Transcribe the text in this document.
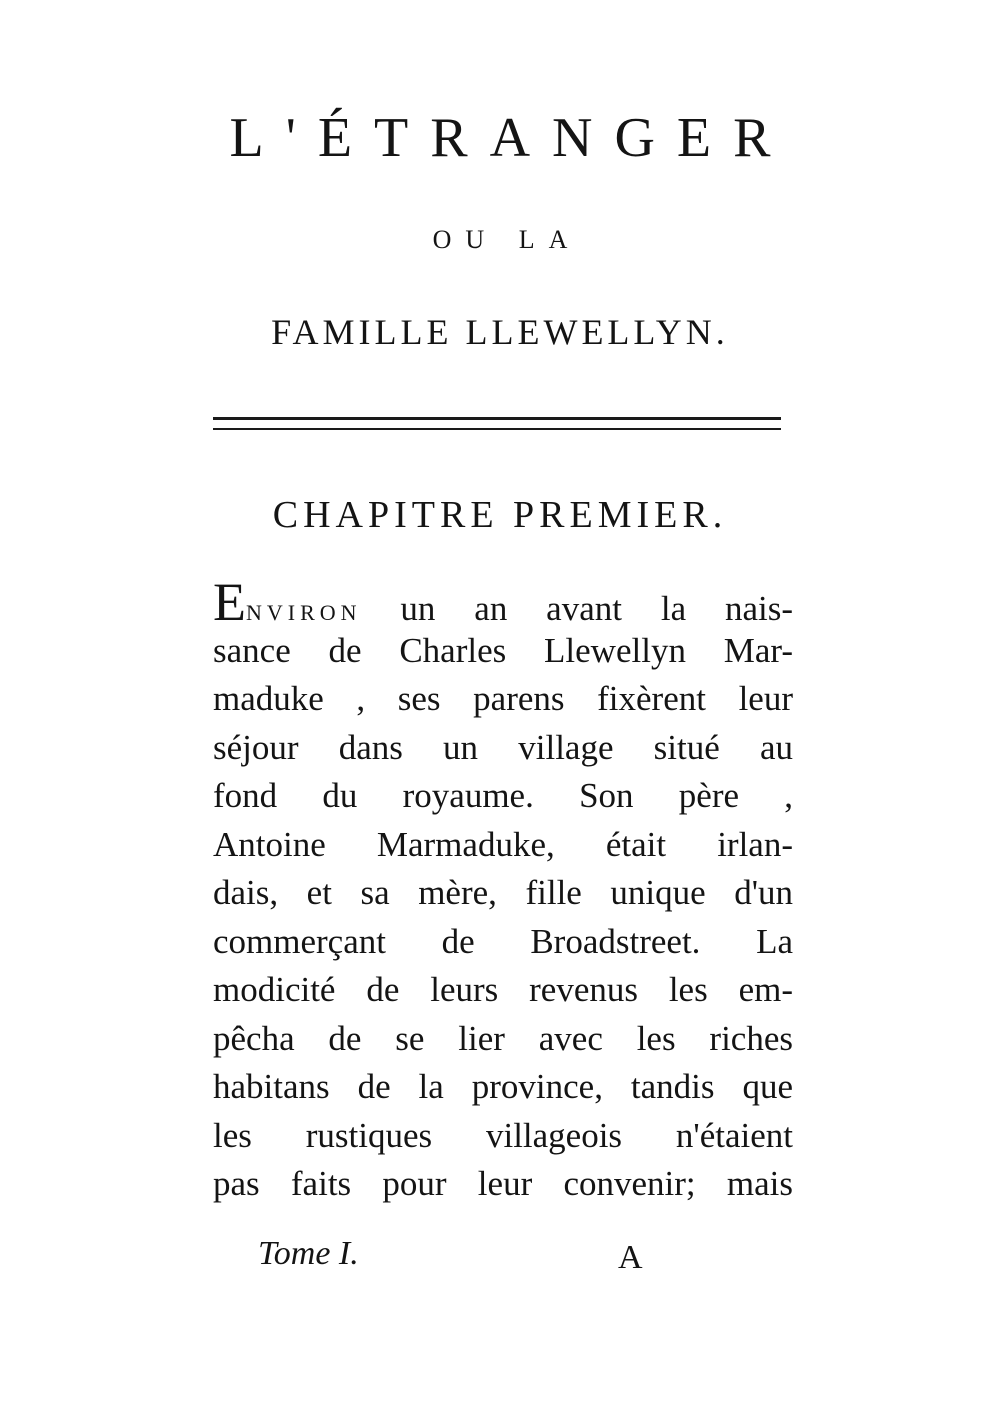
L'ÉTRANGER
OU LA
FAMILLE LLEWELLYN.
CHAPITRE PREMIER.
ENVIRON un an avant la nais-
sance de Charles Llewellyn Mar-
maduke , ses parens fixèrent leur
séjour dans un village situé au
fond du royaume. Son père ,
Antoine Marmaduke, était irlan-
dais, et sa mère, fille unique d'un
commerçant de Broadstreet. La
modicité de leurs revenus les em-
pêcha de se lier avec les riches
habitans de la province, tandis que
les rustiques villageois n'étaient
pas faits pour leur convenir; mais
Tome I.	A
